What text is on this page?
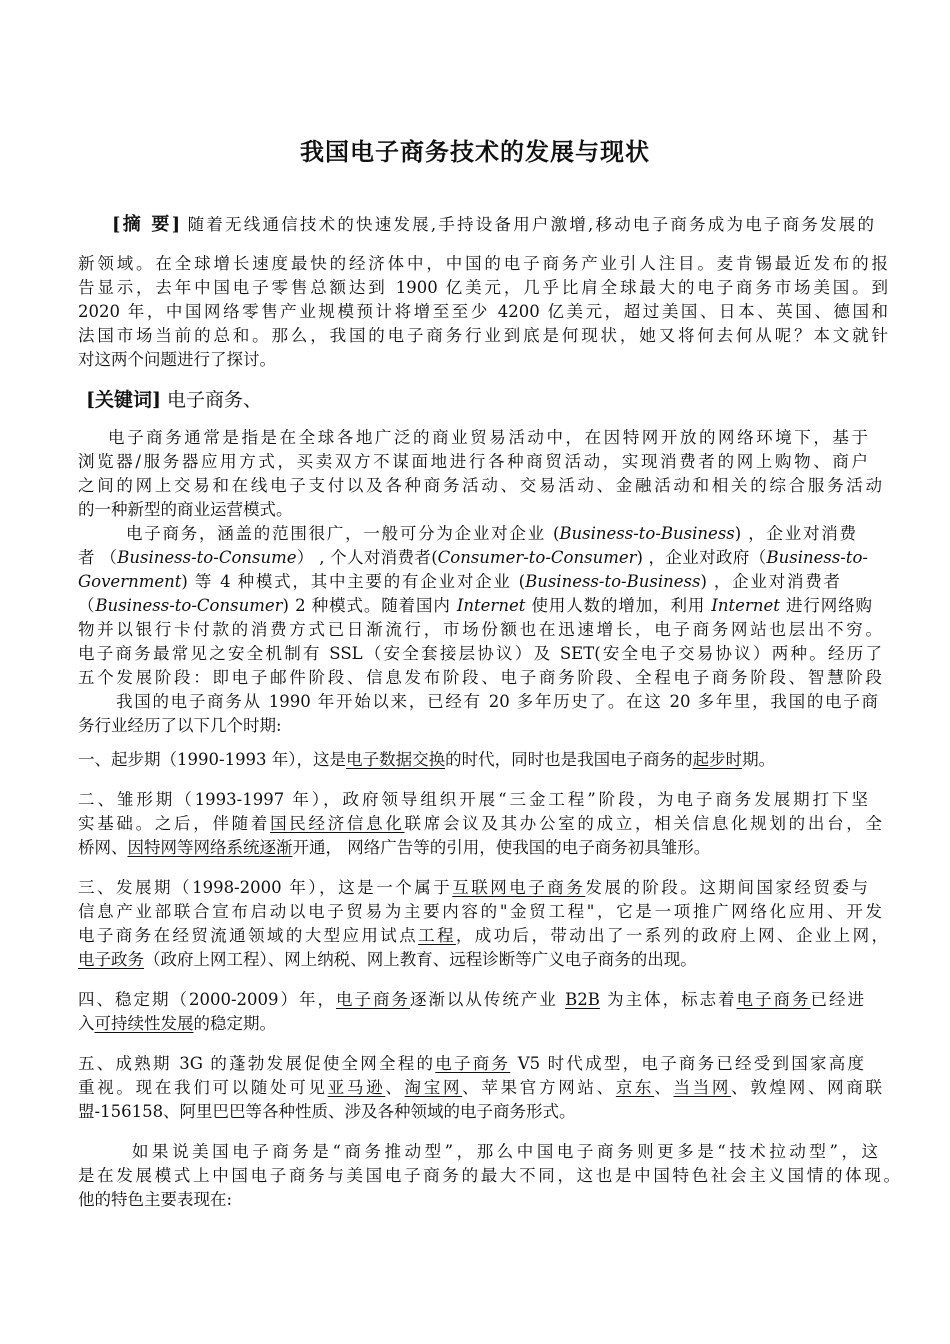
我国电子商务技术的发展与现状
[摘 要] 随着无线通信技术的快速发展,手持设备用户激增,移动电子商务成为电子商务发展的
新领域。在全球增长速度最快的经济体中，中国的电子商务产业引人注目。麦肯锡最近发布的报
告显示，去年中国电子零售总额达到 1900 亿美元，几乎比肩全球最大的电子商务市场美国。到
2020 年，中国网络零售产业规模预计将增至至少 4200 亿美元，超过美国、日本、英国、德国和
法国市场当前的总和。那么，我国的电子商务行业到底是何现状，她又将何去何从呢？本文就针
对这两个问题进行了探讨。
[关键词] 电子商务、
电子商务通常是指是在全球各地广泛的商业贸易活动中，在因特网开放的网络环境下，基于
浏览器/服务器应用方式，买卖双方不谋面地进行各种商贸活动，实现消费者的网上购物、商户
之间的网上交易和在线电子支付以及各种商务活动、交易活动、金融活动和相关的综合服务活动
的一种新型的商业运营模式。
电子商务，涵盖的范围很广，一般可分为企业对企业 (Business-to-Business) ，企业对消费
者 （Business-to-Consume） , 个人对消费者(Consumer-to-Consumer) ，企业对政府（Business-to-
Government) 等 4 种模式，其中主要的有企业对企业 (Business-to-Business) ，企业对消费者
（Business-to-Consumer) 2 种模式。随着国内 Internet 使用人数的增加，利用 Internet 进行网络购
物并以银行卡付款的消费方式已日渐流行，市场份额也在迅速增长，电子商务网站也层出不穷。
电子商务最常见之安全机制有 SSL（安全套接层协议）及 SET(安全电子交易协议）两种。经历了
五个发展阶段：即电子邮件阶段、信息发布阶段、电子商务阶段、全程电子商务阶段、智慧阶段
我国的电子商务从 1990 年开始以来，已经有 20 多年历史了。在这 20 多年里，我国的电子商
务行业经历了以下几个时期:
一、起步期（1990-1993 年），这是电子数据交换的时代，同时也是我国电子商务的起步时期。
二、雏形期（1993-1997 年），政府领导组织开展“三金工程”阶段，为电子商务发展期打下坚
实基础。之后，伴随着国民经济信息化联席会议及其办公室的成立，相关信息化规划的出台，全
桥网、因特网等网络系统逐渐开通， 网络广告等的引用，使我国的电子商务初具雏形。
三、发展期（1998-2000 年），这是一个属于互联网电子商务发展的阶段。这期间国家经贸委与
信息产业部联合宣布启动以电子贸易为主要内容的"金贸工程"，它是一项推广网络化应用、开发
电子商务在经贸流通领域的大型应用试点工程，成功后，带动出了一系列的政府上网、企业上网，
电子政务（政府上网工程）、网上纳税、网上教育、远程诊断等广义电子商务的出现。
四、稳定期（2000-2009）年，电子商务逐渐以从传统产业 B2B 为主体，标志着电子商务已经进
入可持续性发展的稳定期。
五、成熟期 3G 的蓬勃发展促使全网全程的电子商务 V5 时代成型，电子商务已经受到国家高度
重视。现在我们可以随处可见亚马逊、淘宝网、苹果官方网站、京东、当当网、敦煌网、网商联
盟-156158、阿里巴巴等各种性质、涉及各种领域的电子商务形式。
如果说美国电子商务是“商务推动型”，那么中国电子商务则更多是“技术拉动型”，这
是在发展模式上中国电子商务与美国电子商务的最大不同，这也是中国特色社会主义国情的体现。
他的特色主要表现在:
